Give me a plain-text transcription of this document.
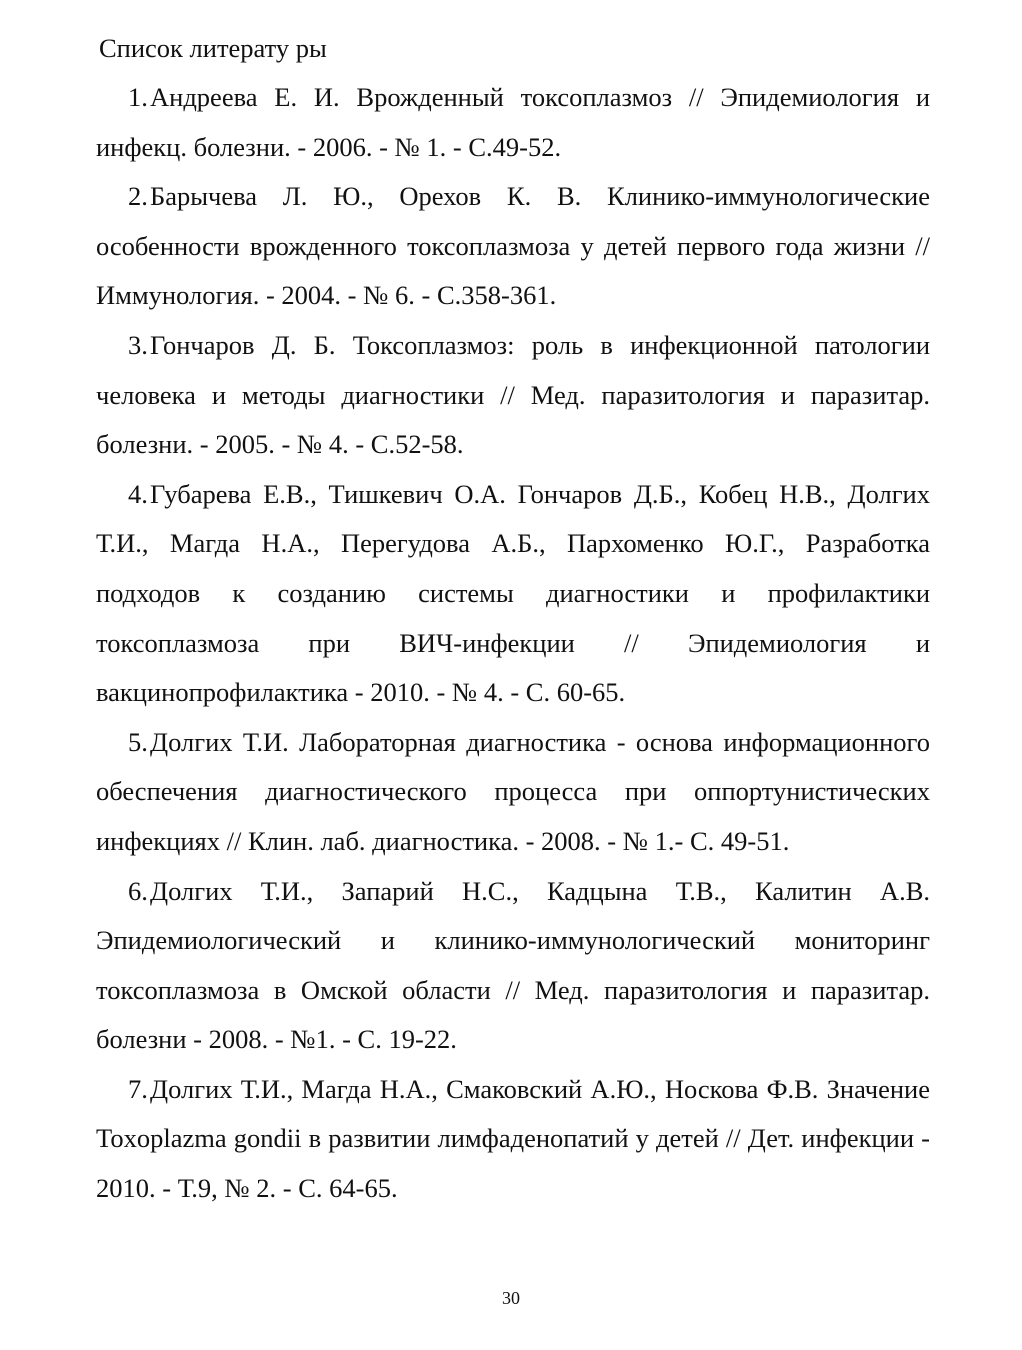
Список литерату ры
1.Андреева Е. И. Врожденный токсоплазмоз // Эпидемиология и инфекц. болезни. - 2006. - № 1. - С.49-52.
2.Барычева Л. Ю., Орехов К. В. Клинико-иммунологические особенности врожденного токсоплазмоза у детей первого года жизни // Иммунология. - 2004. - № 6. - С.358-361.
3.Гончаров Д. Б. Токсоплазмоз: роль в инфекционной патологии человека и методы диагностики // Мед. паразитология и паразитар. болезни. - 2005. - № 4. - С.52-58.
4.Губарева Е.В., Тишкевич О.А. Гончаров Д.Б., Кобец Н.В., Долгих Т.И., Магда Н.А., Перегудова А.Б., Пархоменко Ю.Г., Разработка подходов к созданию системы диагностики и профилактики токсоплазмоза при ВИЧ-инфекции // Эпидемиология и вакцинопрофилактика - 2010. - № 4. - С. 60-65.
5.Долгих Т.И. Лабораторная диагностика - основа информационного обеспечения диагностического процесса при оппортунистических инфекциях // Клин. лаб. диагностика. - 2008. - № 1.- С. 49-51.
6.Долгих Т.И., Запарий Н.С., Кадцына Т.В., Калитин А.В. Эпидемиологический и клинико-иммунологический мониторинг токсоплазмоза в Омской области // Мед. паразитология и паразитар. болезни - 2008. - №1. - С. 19-22.
7.Долгих Т.И., Магда Н.А., Смаковский А.Ю., Носкова Ф.В. Значение Toxoplazma gondii в развитии лимфаденопатий у детей // Дет. инфекции - 2010. - Т.9, № 2. - С. 64-65.
30
